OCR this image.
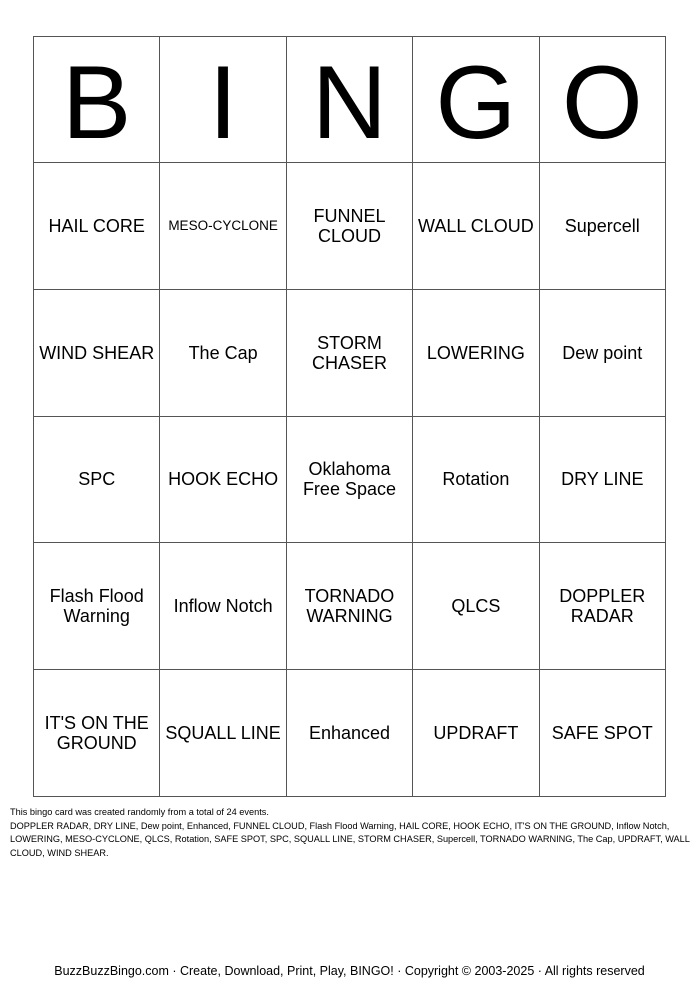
B	I	N	G	O
HAIL CORE	MESO-CYCLONE	FUNNEL CLOUD	WALL CLOUD	Supercell
WIND SHEAR	The Cap	STORM CHASER	LOWERING	Dew point
SPC	HOOK ECHO	Oklahoma Free Space	Rotation	DRY LINE
Flash Flood Warning	Inflow Notch	TORNADO WARNING	QLCS	DOPPLER RADAR
IT'S ON THE GROUND	SQUALL LINE	Enhanced	UPDRAFT	SAFE SPOT

This bingo card was created randomly from a total of 24 events.

DOPPLER RADAR, DRY LINE, Dew point, Enhanced, FUNNEL CLOUD, Flash Flood Warning, HAIL CORE, HOOK ECHO, IT'S ON THE GROUND, Inflow Notch, LOWERING, MESO-CYCLONE, QLCS, Rotation, SAFE SPOT, SPC, SQUALL LINE, STORM CHASER, Supercell, TORNADO WARNING, The Cap, UPDRAFT, WALL CLOUD, WIND SHEAR.

BuzzBuzzBingo.com · Create, Download, Print, Play, BINGO! · Copyright © 2003-2025 · All rights reserved
